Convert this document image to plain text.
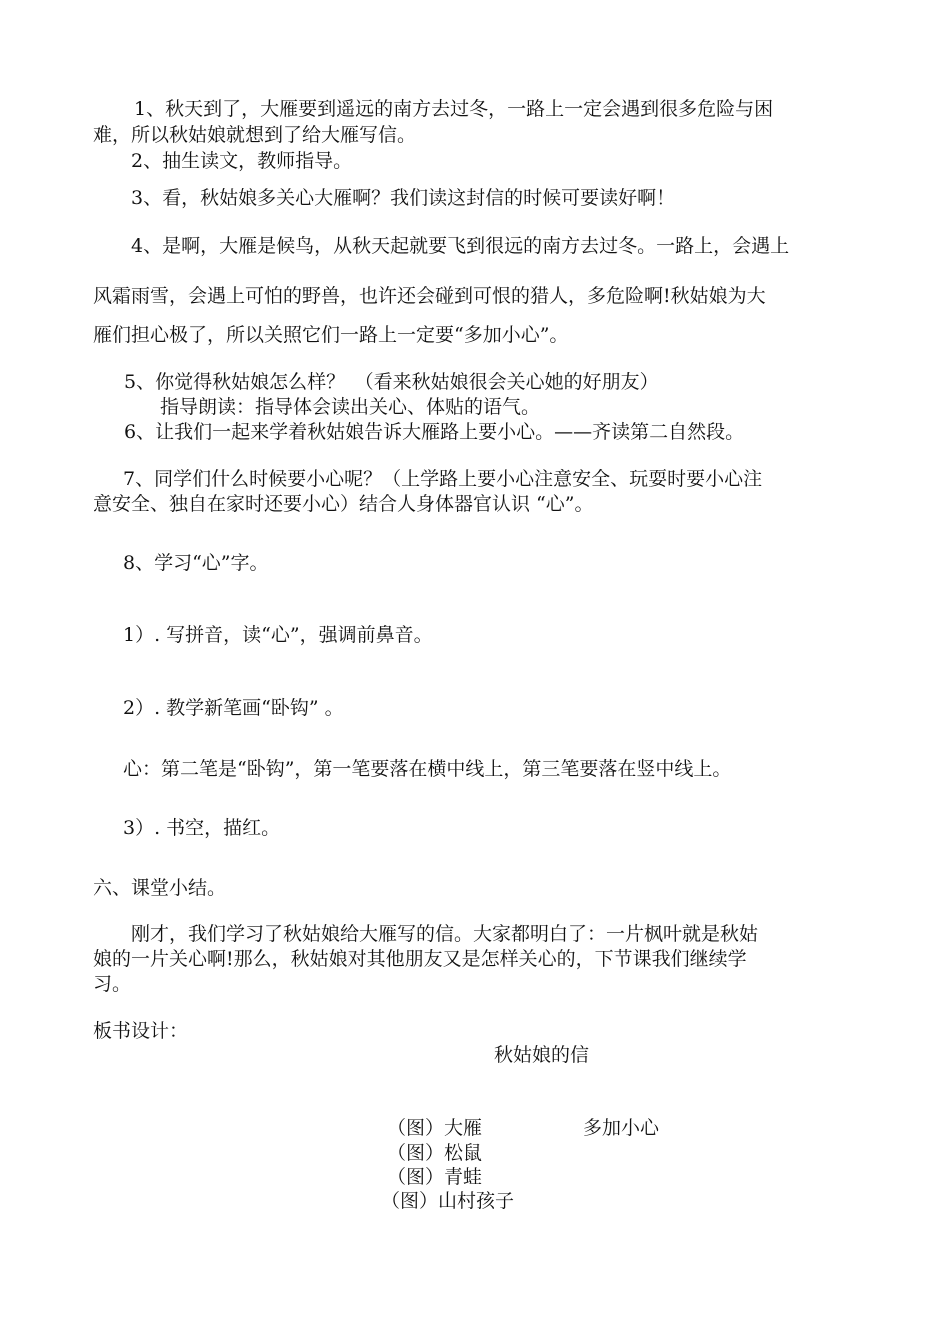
1、秋天到了，大雁要到遥远的南方去过冬，一路上一定会遇到很多危险与困

难，所以秋姑娘就想到了给大雁写信。

2、抽生读文，教师指导。

3、看，秋姑娘多关心大雁啊？我们读这封信的时候可要读好啊！

4、是啊，大雁是候鸟，从秋天起就要飞到很远的南方去过冬。一路上，会遇上

风霜雨雪，会遇上可怕的野兽，也许还会碰到可恨的猎人，多危险啊!秋姑娘为大

雁们担心极了，所以关照它们一路上一定要“多加小心”。

5、你觉得秋姑娘怎么样？　（看来秋姑娘很会关心她的好朋友）

指导朗读：指导体会读出关心、体贴的语气。

6、让我们一起来学着秋姑娘告诉大雁路上要小心。——齐读第二自然段。

7、同学们什么时候要小心呢？（上学路上要小心注意安全、玩耍时要小心注

意安全、独自在家时还要小心）结合人身体器官认识 “心”。

8、学习“心”字。

1）. 写拼音，读“心”，强调前鼻音。

2）. 教学新笔画“卧钩” 。

心：第二笔是“卧钩”，第一笔要落在横中线上，第三笔要落在竖中线上。

3）. 书空，描红。

六、课堂小结。

刚才，我们学习了秋姑娘给大雁写的信。大家都明白了：一片枫叶就是秋姑

娘的一片关心啊!那么，秋姑娘对其他朋友又是怎样关心的，下节课我们继续学

习。

板书设计：

秋姑娘的信

（图）大雁	多加小心

（图）松鼠

（图）青蛙

（图）山村孩子
